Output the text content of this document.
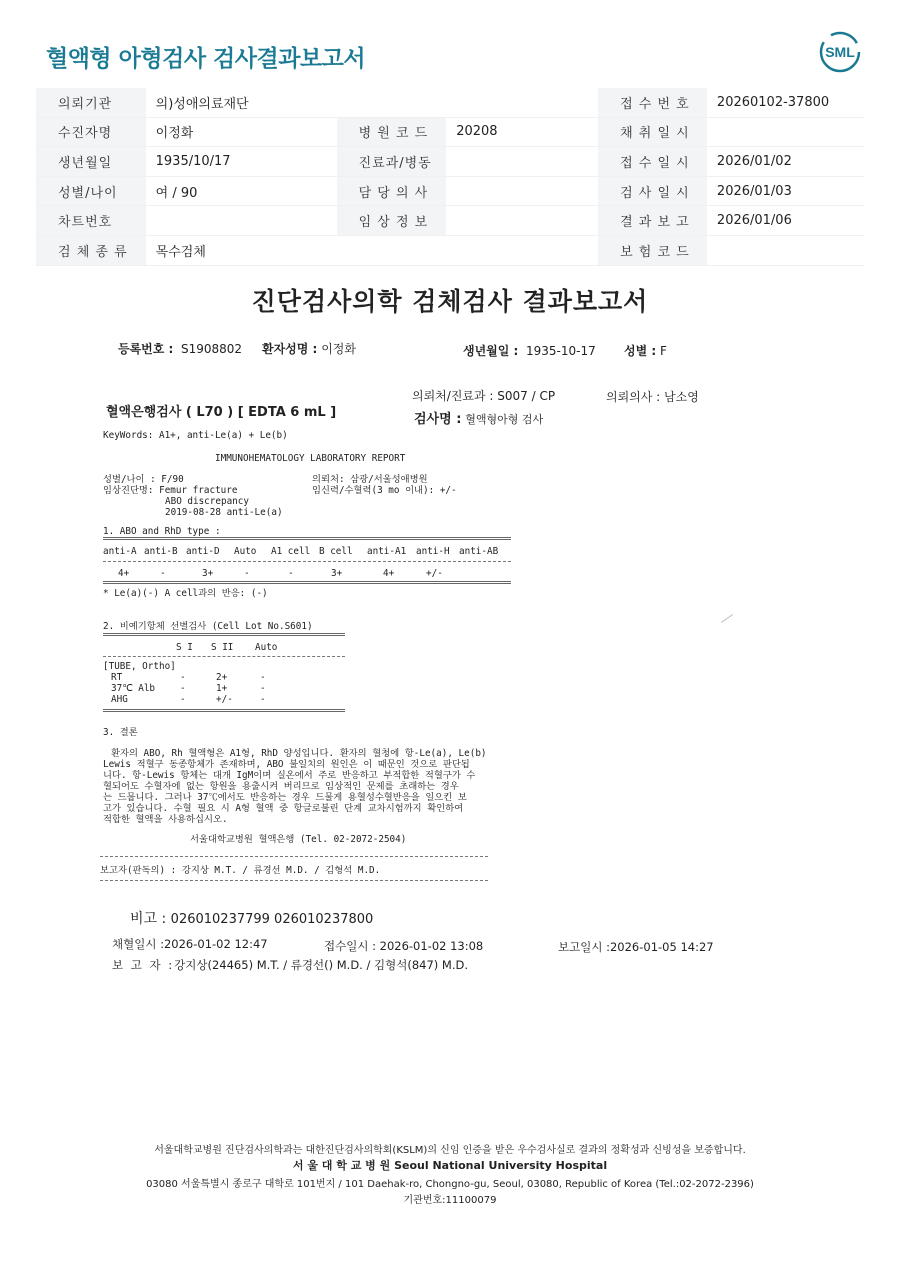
혈액형 아형검사 검사결과보고서	SML
의뢰기관	의)성애의료재단			접 수 번 호	20260102-37800
수진자명	이정화	병 원 코 드	20208	채 취 일 시	
생년월일	1935/10/17	진료과/병동		접 수 일 시	2026/01/02
성별/나이	여 / 90	담 당 의 사		검 사 일 시	2026/01/03
차트번호		임 상 정 보		결 과 보 고	2026/01/06
검 체 종 류	목수검체			보 험 코 드	
진단검사의학 검체검사 결과보고서
등록번호 : S1908802 환자성명 : 이정화	생년월일 : 1935-10-17 성별 : F
의뢰처/진료과 : S007 / CP	의뢰의사 : 남소영
혈액은행검사 ( L70 ) [ EDTA 6 mL ]	검사명 : 혈액형아형 검사
KeyWords: A1+, anti-Le(a) + Le(b)
IMMUNOHEMATOLOGY LABORATORY REPORT
성별/나이 : F/90
임상진단명: Femur fracture
ABO discrepancy
2019-08-28 anti-Le(a)
의뢰처: 삼광/서울성애병원
임신력/수혈력(3 mo 이내): +/-
1. ABO and RhD type :
anti-A anti-B anti-D Auto A1 cell B cell anti-A1 anti-H anti-AB
4+	-	3+	-	-	3+	4+	+/-
* Le(a)(-) A cell과의 반응: (-)
2. 비예기항체 선별검사 (Cell Lot No.S601)
S I S II Auto
[TUBE, Ortho]
RT	-	2+	-
37℃ Alb	-	1+	-
AHG	-	+/-	-
3. 결론
환자의 ABO, Rh 혈액형은 A1형, RhD 양성입니다. 환자의 혈청에 항-Le(a), Le(b)
Lewis 적혈구 동종항체가 존재하며, ABO 불일치의 원인은 이 때문인 것으로 판단됩
니다. 항-Lewis 항체는 대개 IgM이며 실온에서 주로 반응하고 부적합한 적혈구가 수
혈되어도 수혈자에 없는 항원을 용출시켜 버리므로 임상적인 문제를 초래하는 경우
는 드뭅니다. 그러나 37℃에서도 반응하는 경우 드물게 용혈성수혈반응을 일으킨 보
고가 있습니다. 수혈 필요 시 A형 혈액 중 항글로불린 단계 교차시험까지 확인하여
적합한 혈액을 사용하십시오.
서울대학교병원 혈액은행 (Tel. 02-2072-2504)
보고자(판독의) : 강지상 M.T. / 류경선 M.D. / 김형석 M.D.
비고 : 026010237799 026010237800
채혈일시 :2026-01-02 12:47	접수일시 : 2026-01-02 13:08	보고일시 :2026-01-05 14:27
보 고 자 :강지상(24465) M.T. / 류경선() M.D. / 김형석(847) M.D.
서울대학교병원 진단검사의학과는 대한진단검사의학회(KSLM)의 신임 인증을 받은 우수검사실로 결과의 정확성과 신빙성을 보증합니다.
서 울 대 학 교 병 원 Seoul National University Hospital
03080 서울특별시 종로구 대학로 101번지 / 101 Daehak-ro, Chongno-gu, Seoul, 03080, Republic of Korea (Tel.:02-2072-2396)
기관번호:11100079
